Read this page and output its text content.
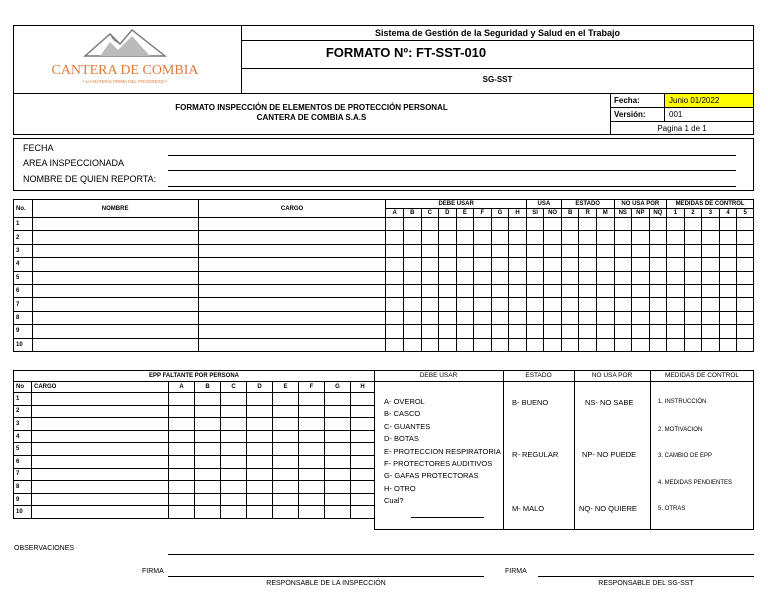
Sistema de Gestión de la Seguridad y Salud en el Trabajo
FORMATO Nº: FT-SST-010
SG-SST
CANTERA DE COMBIA
• LA MATERIA PRIMA DEL PROGRESO •
FORMATO INSPECCIÓN DE ELEMENTOS DE PROTECCIÓN PERSONAL
CANTERA DE COMBIA S.A.S
Fecha:	Junio 01/2022
Versión:	001
Pagina 1 de 1
FECHA
AREA INSPECCIONADA
NOMBRE DE QUIEN REPORTA:
No.	NOMBRE	CARGO	DEBE USAR								USA		ESTADO			NO USA POR			MEDIDAS DE CONTROL				
			A	B	C	D	E	F	G	H	SI	NO	B	R	M	NS	NP	NQ	1	2	3	4	5
1																							
2																							
3																							
4																							
5																							
6																							
7																							
8																							
9																							
10																							
EPP FALTANTE POR PERSONA									
No	CARGO	A	B	C	D	E	F	G	H
1									
2									
3									
4									
5									
6									
7									
8									
9									
10									
DEBE USAR	ESTADO	NO USA POR	MEDIDAS DE CONTROL
A- OVEROL
B- CASCO
C- GUANTES
D- BOTAS
E- PROTECCION RESPIRATORIA
F- PROTECTORES AUDITIVOS
G- GAFAS PROTECTORAS
H- OTRO
Cual?
B- BUENO
R- REGULAR
M- MALO
NS- NO SABE
NP- NO PUEDE
NQ- NO QUIERE
1. INSTRUCCIÓN
2. MOTIVACION
3. CAMBIO DE EPP
4. MEDIDAS PENDIENTES
5. OTRAS
OBSERVACIONES
FIRMA
RESPONSABLE DE LA INSPECCIÓN
FIRMA
RESPONSABLE DEL SG-SST
